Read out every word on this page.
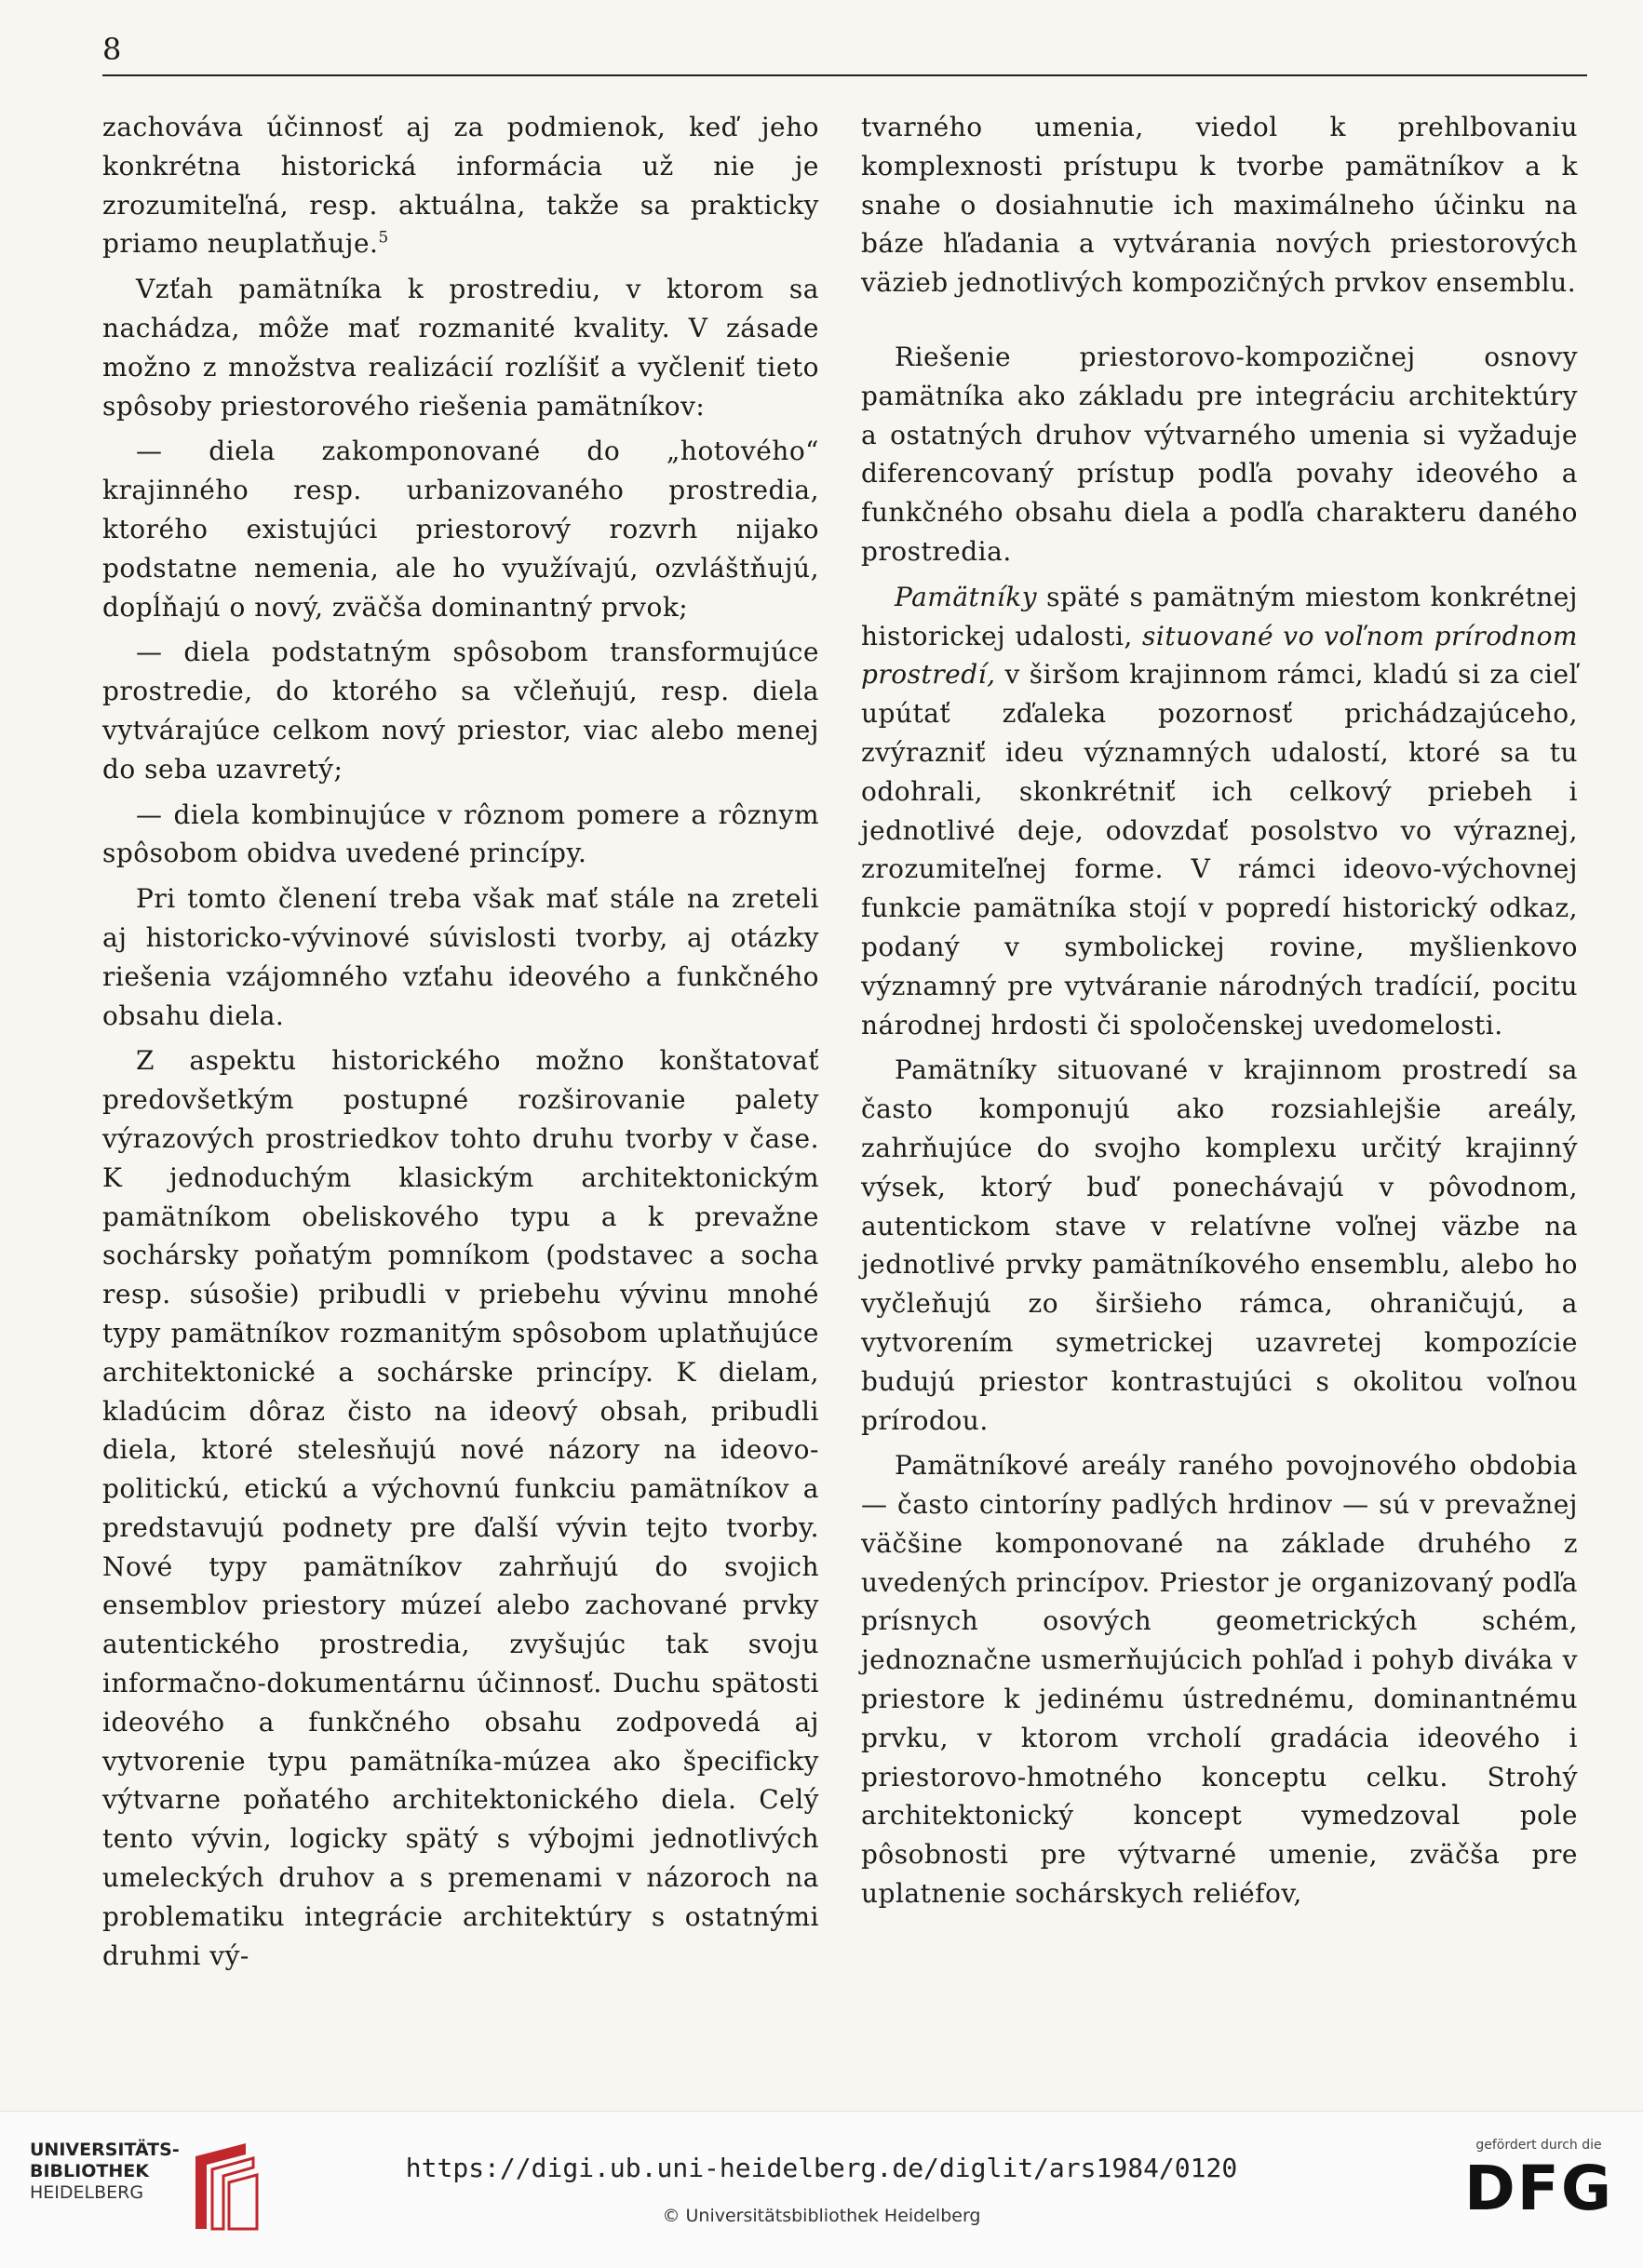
8

zachováva účinnosť aj za podmienok, keď jeho konkrétna historická informácia už nie je zrozumiteľná, resp. aktuálna, takže sa prakticky priamo neuplatňuje.$^5$

Vzťah pamätníka k prostrediu, v ktorom sa nachádza, môže mať rozmanité kvality. V zásade možno z množstva realizácií rozlíšiť a vyčleniť tieto spôsoby priestorového riešenia pamätníkov:

— diela zakomponované do „hotového“ krajinného resp. urbanizovaného prostredia, ktorého existujúci priestorový rozvrh nijako podstatne nemenia, ale ho využívajú, ozvláštňujú, dopĺňajú o nový, zväčša dominantný prvok;

— diela podstatným spôsobom transformujúce prostredie, do ktorého sa včleňujú, resp. diela vytvárajúce celkom nový priestor, viac alebo menej do seba uzavretý;

— diela kombinujúce v rôznom pomere a rôznym spôsobom obidva uvedené princípy.

Pri tomto členení treba však mať stále na zreteli aj historicko-vývinové súvislosti tvorby, aj otázky riešenia vzájomného vzťahu ideového a funkčného obsahu diela.

Z aspektu historického možno konštatovať predovšetkým postupné rozširovanie palety výrazových prostriedkov tohto druhu tvorby v čase. K jednoduchým klasickým architektonickým pamätníkom obeliskového typu a k prevažne sochársky poňatým pomníkom (podstavec a socha resp. súsošie) pribudli v priebehu vývinu mnohé typy pamätníkov rozmanitým spôsobom uplatňujúce architektonické a sochárske princípy. K dielam, kladúcim dôraz čisto na ideový obsah, pribudli diela, ktoré stelesňujú nové názory na ideovo-politickú, etickú a výchovnú funkciu pamätníkov a predstavujú podnety pre ďalší vývin tejto tvorby. Nové typy pamätníkov zahrňujú do svojich ensemblov priestory múzeí alebo zachované prvky autentického prostredia, zvyšujúc tak svoju informačno-dokumentárnu účinnosť. Duchu spätosti ideového a funkčného obsahu zodpovedá aj vytvorenie typu pamätníka-múzea ako špecificky výtvarne poňatého architektonického diela. Celý tento vývin, logicky spätý s výbojmi jednotlivých umeleckých druhov a s premenami v názoroch na problematiku integrácie architektúry s ostatnými druhmi vý-

tvarného umenia, viedol k prehlbovaniu komplexnosti prístupu k tvorbe pamätníkov a k snahe o dosiahnutie ich maximálneho účinku na báze hľadania a vytvárania nových priestorových väzieb jednotlivých kompozičných prvkov ensemblu.

Riešenie priestorovo-kompozičnej osnovy pamätníka ako základu pre integráciu architektúry a ostatných druhov výtvarného umenia si vyžaduje diferencovaný prístup podľa povahy ideového a funkčného obsahu diela a podľa charakteru daného prostredia.

Pamätníky späté s pamätným miestom konkrétnej historickej udalosti, situované vo voľnom prírodnom prostredí, v širšom krajinnom rámci, kladú si za cieľ upútať zďaleka pozornosť prichádzajúceho, zvýrazniť ideu významných udalostí, ktoré sa tu odohrali, skonkrétniť ich celkový priebeh i jednotlivé deje, odovzdať posolstvo vo výraznej, zrozumiteľnej forme. V rámci ideovo-výchovnej funkcie pamätníka stojí v popredí historický odkaz, podaný v symbolickej rovine, myšlienkovo významný pre vytváranie národných tradícií, pocitu národnej hrdosti či spoločenskej uvedomelosti.

Pamätníky situované v krajinnom prostredí sa často komponujú ako rozsiahlejšie areály, zahrňujúce do svojho komplexu určitý krajinný výsek, ktorý buď ponechávajú v pôvodnom, autentickom stave v relatívne voľnej väzbe na jednotlivé prvky pamätníkového ensemblu, alebo ho vyčleňujú zo širšieho rámca, ohraničujú, a vytvorením symetrickej uzavretej kompozície budujú priestor kontrastujúci s okolitou voľnou prírodou.

Pamätníkové areály raného povojnového obdobia — často cintoríny padlých hrdinov — sú v prevažnej väčšine komponované na základe druhého z uvedených princípov. Priestor je organizovaný podľa prísnych osových geometrických schém, jednoznačne usmerňujúcich pohľad i pohyb diváka v priestore k jedinému ústrednému, dominantnému prvku, v ktorom vrcholí gradácia ideového i priestorovo-hmotného konceptu celku. Strohý architektonický koncept vymedzoval pole pôsobnosti pre výtvarné umenie, zväčša pre uplatnenie sochárskych reliéfov,

UNIVERSITÄTS-
BIBLIOTHEK
HEIDELBERG
https://digi.ub.uni-heidelberg.de/diglit/ars1984/0120
© Universitätsbibliothek Heidelberg
gefördert durch die
DFG
